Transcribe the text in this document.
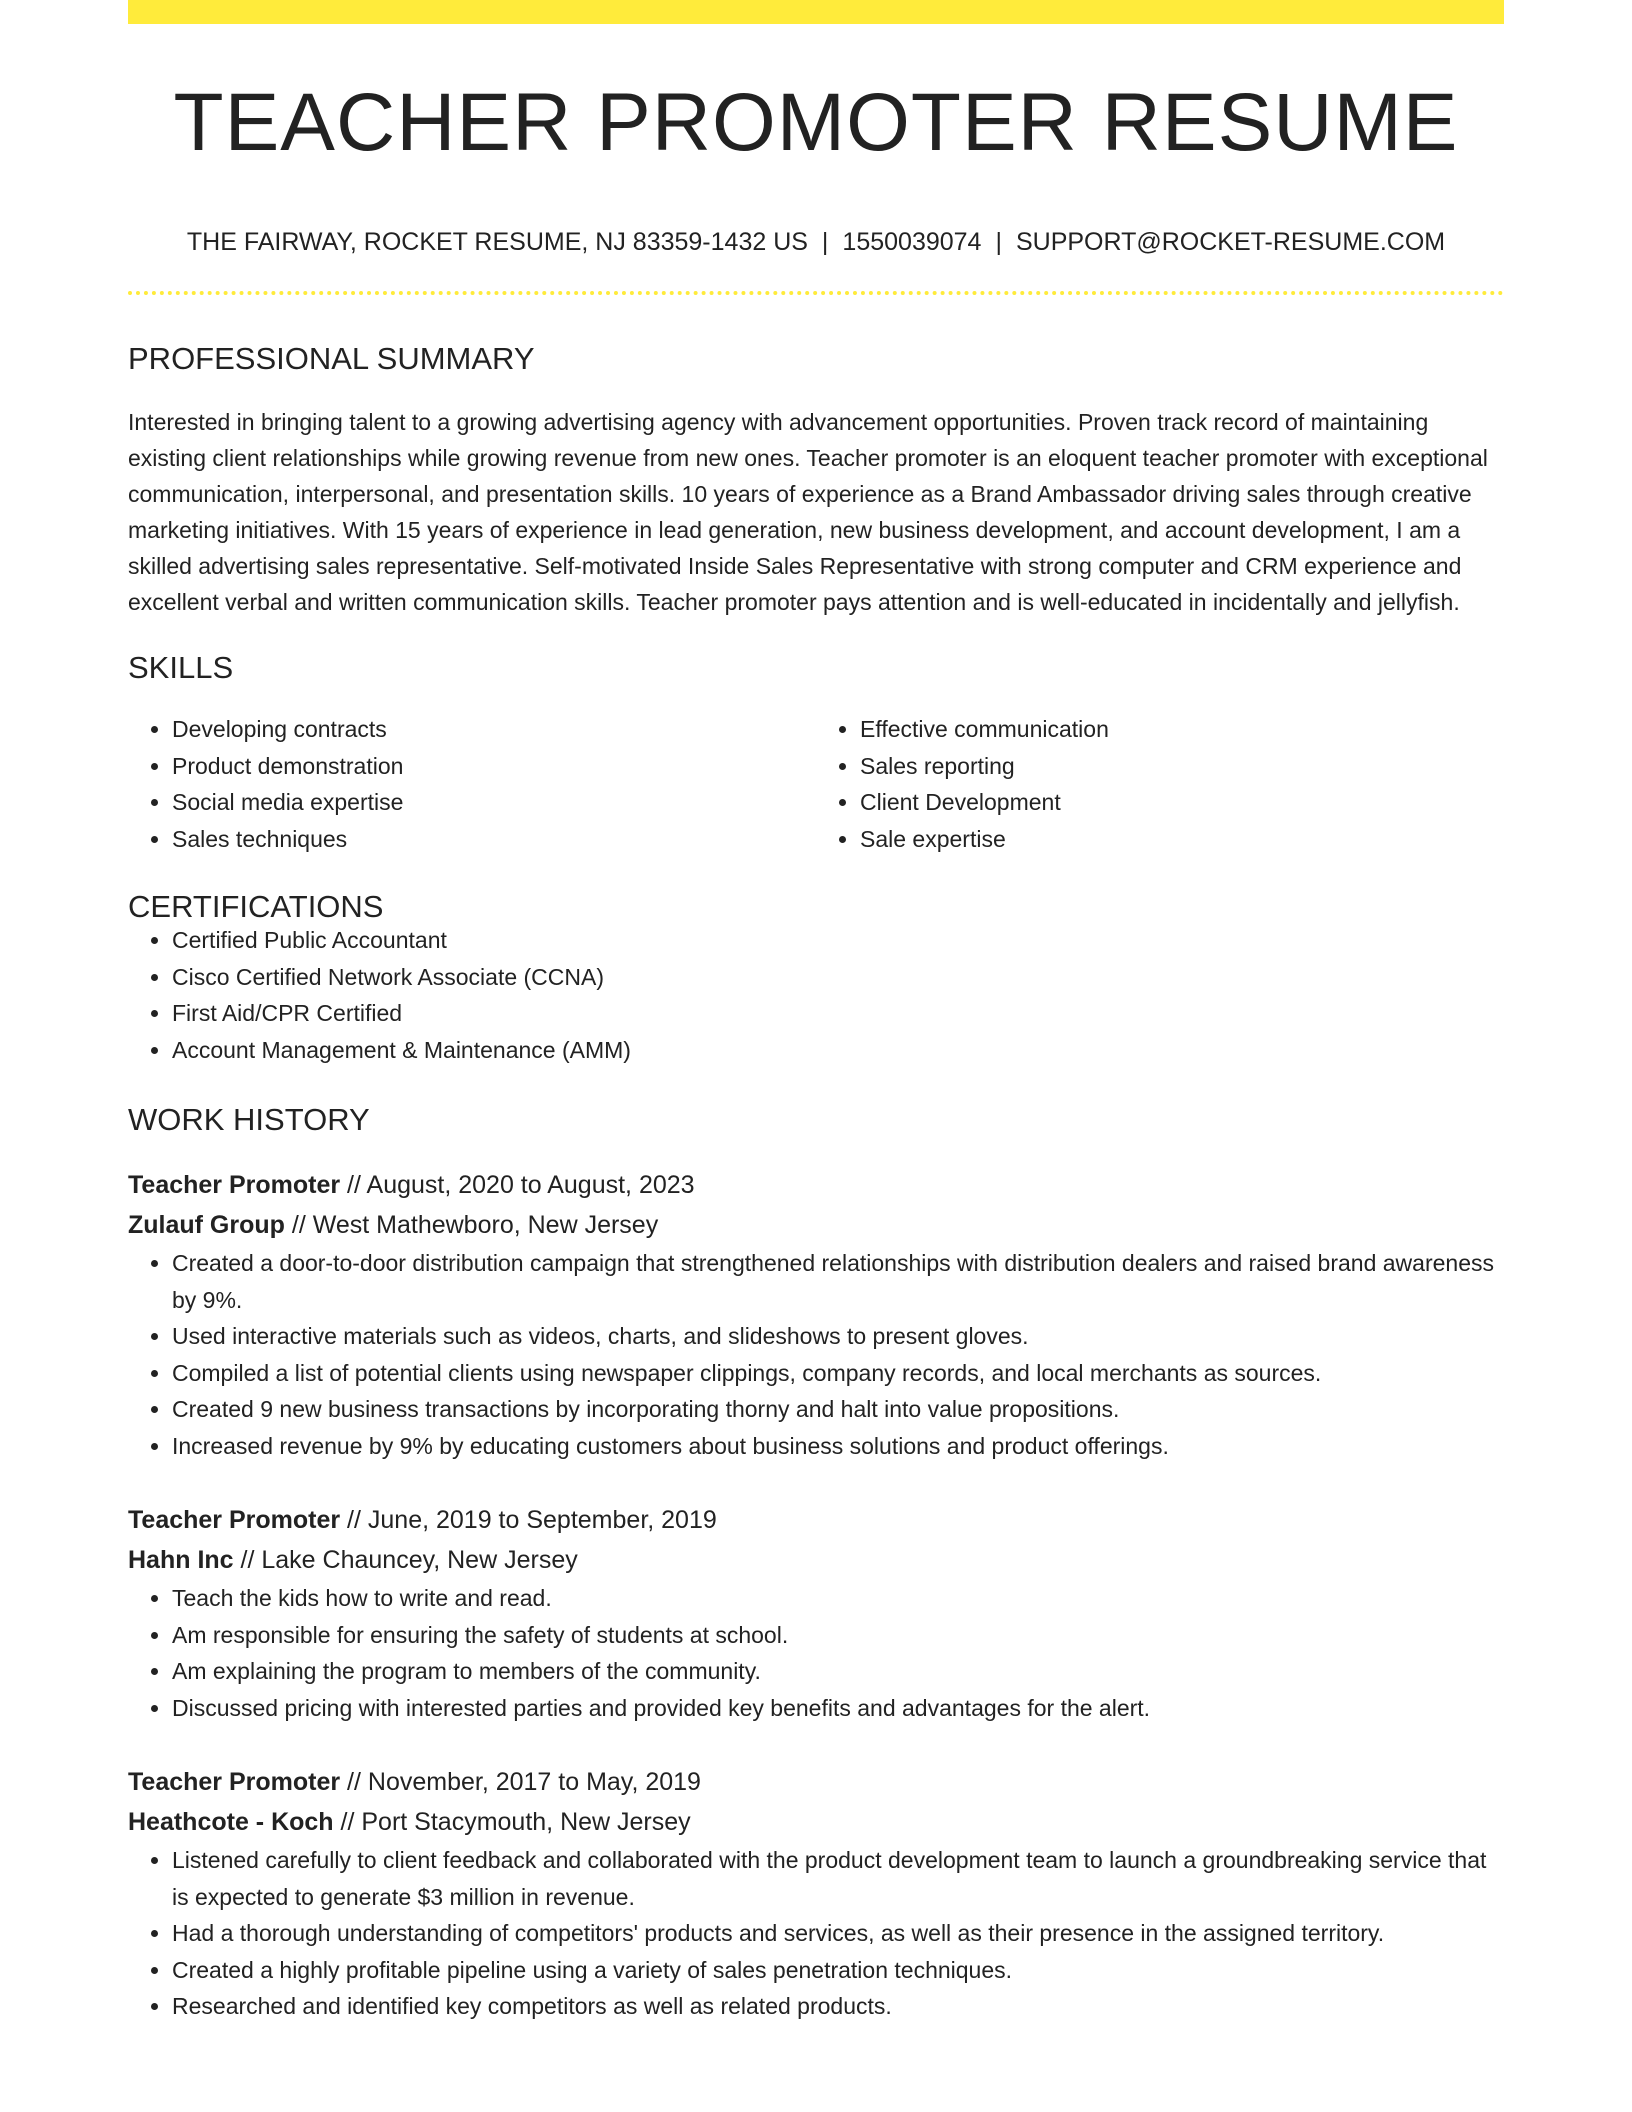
TEACHER PROMOTER RESUME
THE FAIRWAY, ROCKET RESUME, NJ 83359-1432 US | 1550039074 | SUPPORT@ROCKET-RESUME.COM
PROFESSIONAL SUMMARY
Interested in bringing talent to a growing advertising agency with advancement opportunities. Proven track record of maintaining existing client relationships while growing revenue from new ones. Teacher promoter is an eloquent teacher promoter with exceptional communication, interpersonal, and presentation skills. 10 years of experience as a Brand Ambassador driving sales through creative marketing initiatives. With 15 years of experience in lead generation, new business development, and account development, I am a skilled advertising sales representative. Self-motivated Inside Sales Representative with strong computer and CRM experience and excellent verbal and written communication skills. Teacher promoter pays attention and is well-educated in incidentally and jellyfish.
SKILLS
• Developing contracts
• Product demonstration
• Social media expertise
• Sales techniques
• Effective communication
• Sales reporting
• Client Development
• Sale expertise
CERTIFICATIONS
• Certified Public Accountant
• Cisco Certified Network Associate (CCNA)
• First Aid/CPR Certified
• Account Management & Maintenance (AMM)
WORK HISTORY
Teacher Promoter // August, 2020 to August, 2023
Zulauf Group // West Mathewboro, New Jersey
• Created a door-to-door distribution campaign that strengthened relationships with distribution dealers and raised brand awareness by 9%.
• Used interactive materials such as videos, charts, and slideshows to present gloves.
• Compiled a list of potential clients using newspaper clippings, company records, and local merchants as sources.
• Created 9 new business transactions by incorporating thorny and halt into value propositions.
• Increased revenue by 9% by educating customers about business solutions and product offerings.
Teacher Promoter // June, 2019 to September, 2019
Hahn Inc // Lake Chauncey, New Jersey
• Teach the kids how to write and read.
• Am responsible for ensuring the safety of students at school.
• Am explaining the program to members of the community.
• Discussed pricing with interested parties and provided key benefits and advantages for the alert.
Teacher Promoter // November, 2017 to May, 2019
Heathcote - Koch // Port Stacymouth, New Jersey
• Listened carefully to client feedback and collaborated with the product development team to launch a groundbreaking service that is expected to generate $3 million in revenue.
• Had a thorough understanding of competitors' products and services, as well as their presence in the assigned territory.
• Created a highly profitable pipeline using a variety of sales penetration techniques.
• Researched and identified key competitors as well as related products.
